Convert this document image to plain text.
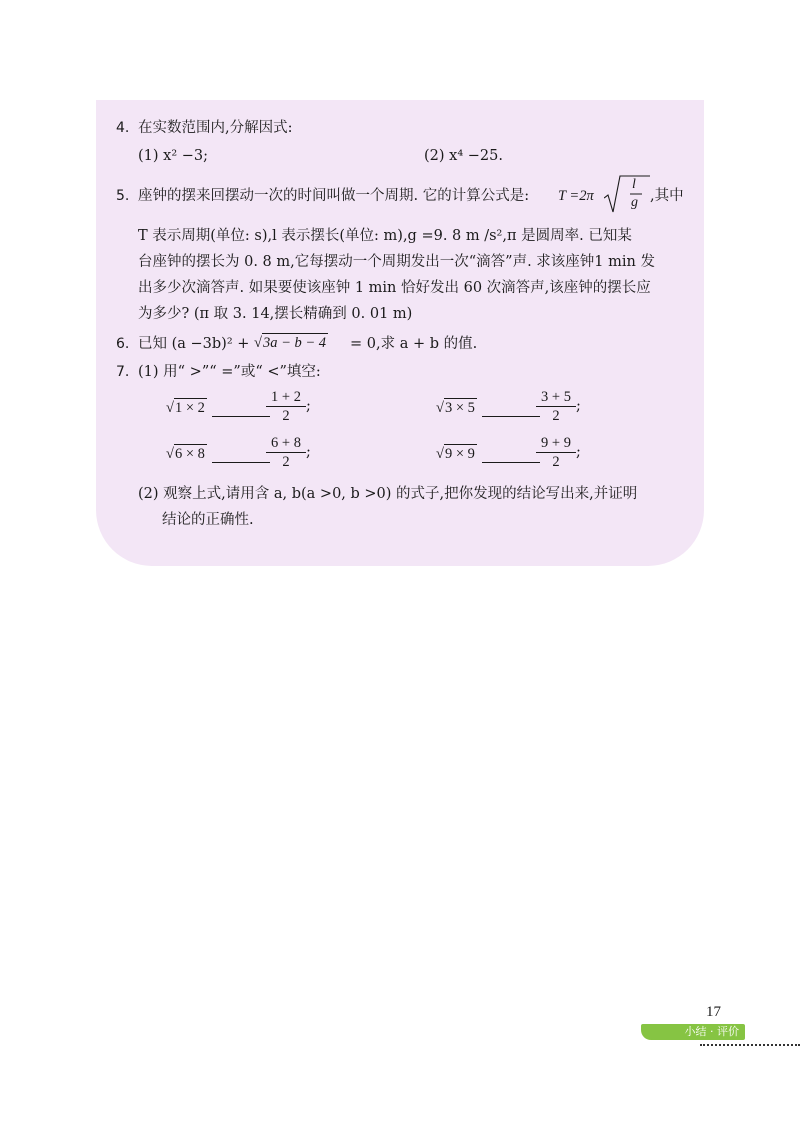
4. 在实数范围内,分解因式:
(1) x² −3;	(2) x⁴ −25.
5. 座钟的摆来回摆动一次的时间叫做一个周期. 它的计算公式是: T =2π
l
g ,其中
T 表示周期(单位: s),l 表示摆长(单位: m),g =9. 8 m /s²,π 是圆周率. 已知某
台座钟的摆长为 0. 8 m,它每摆动一个周期发出一次“滴答”声. 求该座钟1 min 发
出多少次滴答声. 如果要使该座钟 1 min 恰好发出 60 次滴答声,该座钟的摆长应
为多少? (π 取 3. 14,摆长精确到 0. 01 m)
6. 已知 (a −3b)² + √3a − b − 4 = 0,求 a + b 的值.
7. (1) 用“ >”“ =”或“ <”填空:
√1 × 2	$\frac{1 + 2}{2}$ ;	√3 × 5	$\frac{3 + 5}{2}$ ;
√6 × 8	$\frac{6 + 8}{2}$ ;	√9 × 9	$\frac{9 + 9}{2}$ ;
(2) 观察上式,请用含 a, b(a >0, b >0) 的式子,把你发现的结论写出来,并证明
结论的正确性.
17
小结 · 评价
